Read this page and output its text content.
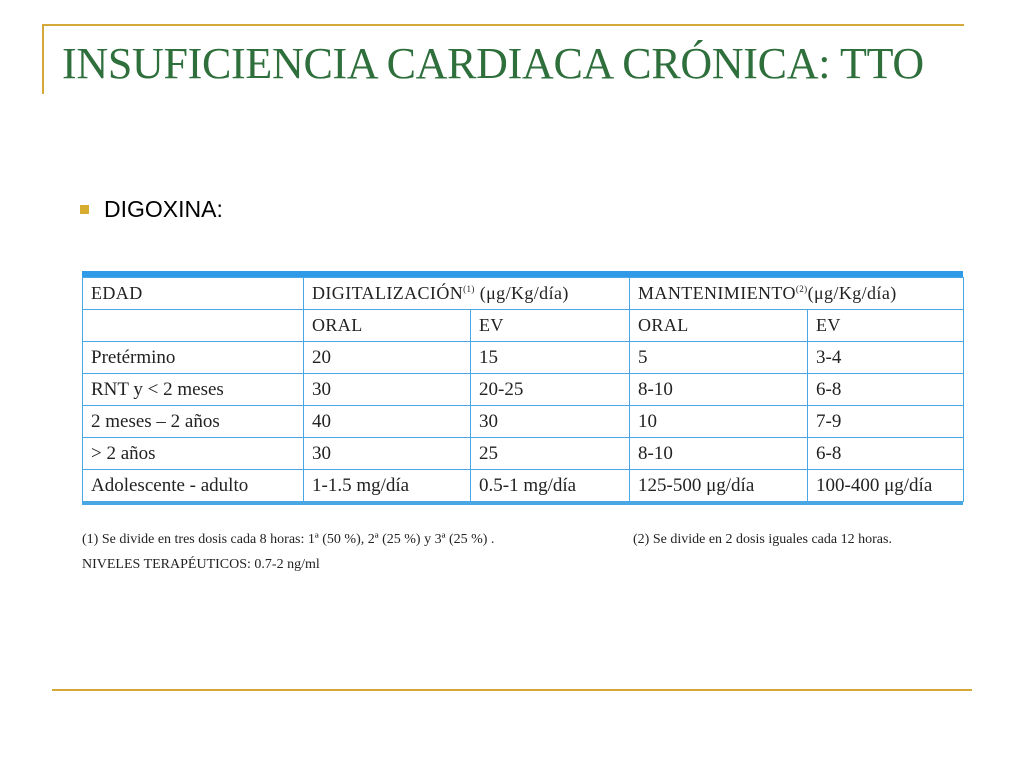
INSUFICIENCIA CARDIACA CRÓNICA: TTO
DIGOXINA:
EDAD	DIGITALIZACIÓN$^{(1)}$ (μg/Kg/día)		MANTENIMIENTO$^{(2)}$(μg/Kg/día)	
	ORAL	EV	ORAL	EV
Pretérmino	20	15	5	3-4
RNT y < 2 meses	30	20-25	8-10	6-8
2 meses – 2 años	40	30	10	7-9
> 2 años	30	25	8-10	6-8
Adolescente - adulto	1-1.5 mg/día	0.5-1 mg/día	125-500 μg/día	100-400 μg/día
(1) Se divide en tres dosis cada 8 horas: 1ª (50 %), 2ª (25 %) y 3ª (25 %) .	(2) Se divide en 2 dosis iguales cada 12 horas.
NIVELES TERAPÉUTICOS: 0.7-2 ng/ml
